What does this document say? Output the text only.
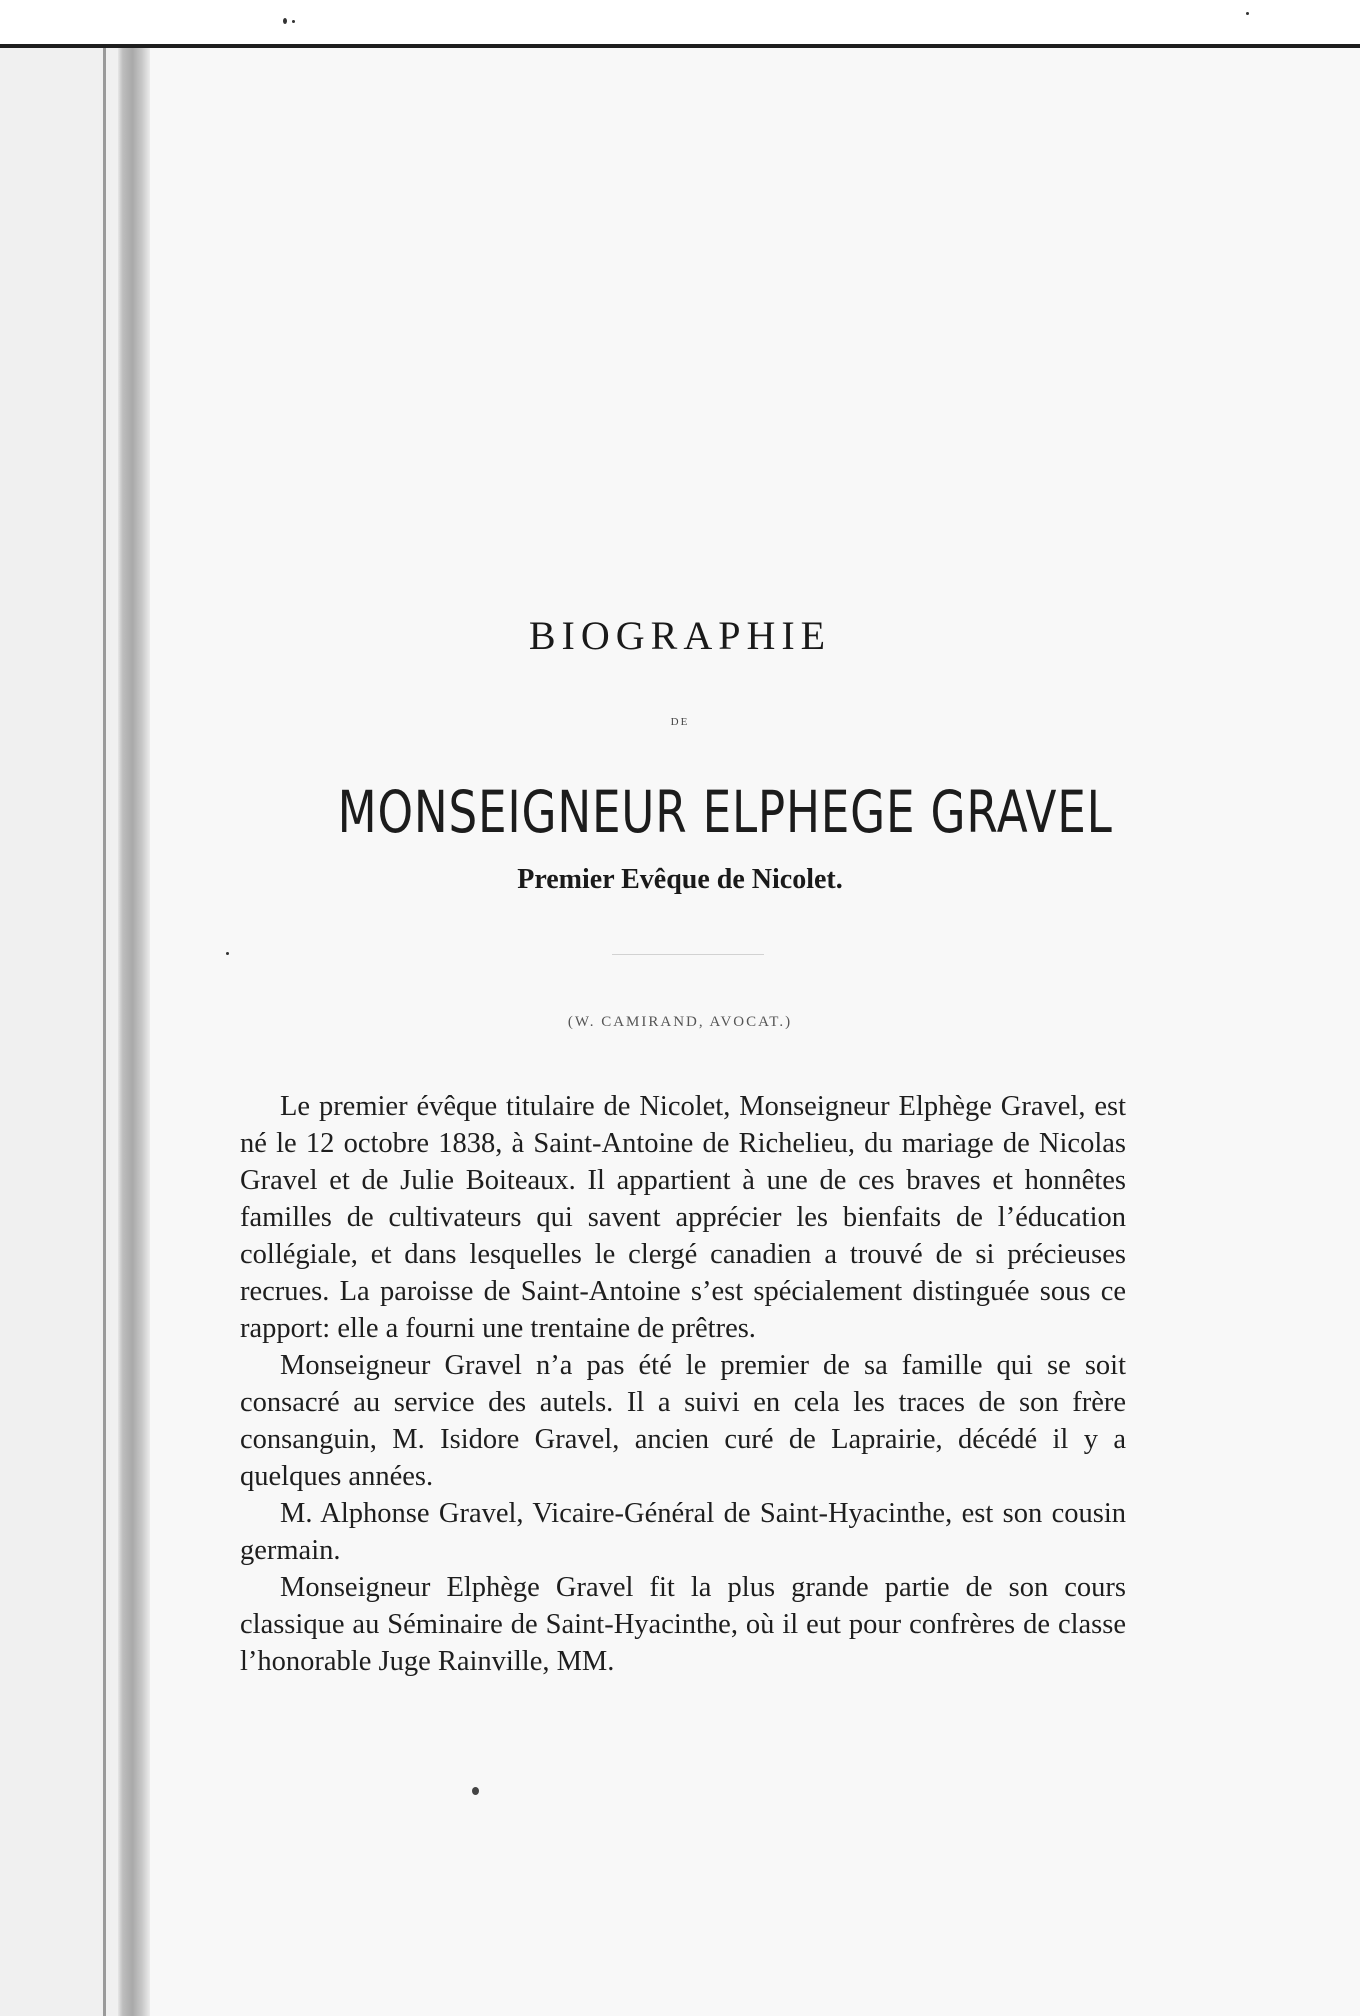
BIOGRAPHIE
DE
MONSEIGNEUR ELPHEGE GRAVEL
Premier Evêque de Nicolet.
(W. CAMIRAND, AVOCAT.)

Le premier évêque titulaire de Nicolet, Monseigneur Elphège Gravel, est né le 12 octobre 1838, à Saint-Antoine de Richelieu, du mariage de Nicolas Gravel et de Julie Boiteaux. Il appartient à une de ces braves et honnêtes familles de cultivateurs qui savent apprécier les bienfaits de l’éducation collégiale, et dans lesquelles le clergé canadien a trouvé de si précieuses recrues. La paroisse de Saint-Antoine s’est spécialement distinguée sous ce rapport: elle a fourni une trentaine de prêtres.

Monseigneur Gravel n’a pas été le premier de sa famille qui se soit consacré au service des autels. Il a suivi en cela les traces de son frère consanguin, M. Isidore Gravel, ancien curé de Laprairie, décédé il y a quelques années.

M. Alphonse Gravel, Vicaire-Général de Saint-Hyacinthe, est son cousin germain.

Monseigneur Elphège Gravel fit la plus grande partie de son cours classique au Séminaire de Saint-Hyacinthe, où il eut pour confrères de classe l’honorable Juge Rainville, MM.
